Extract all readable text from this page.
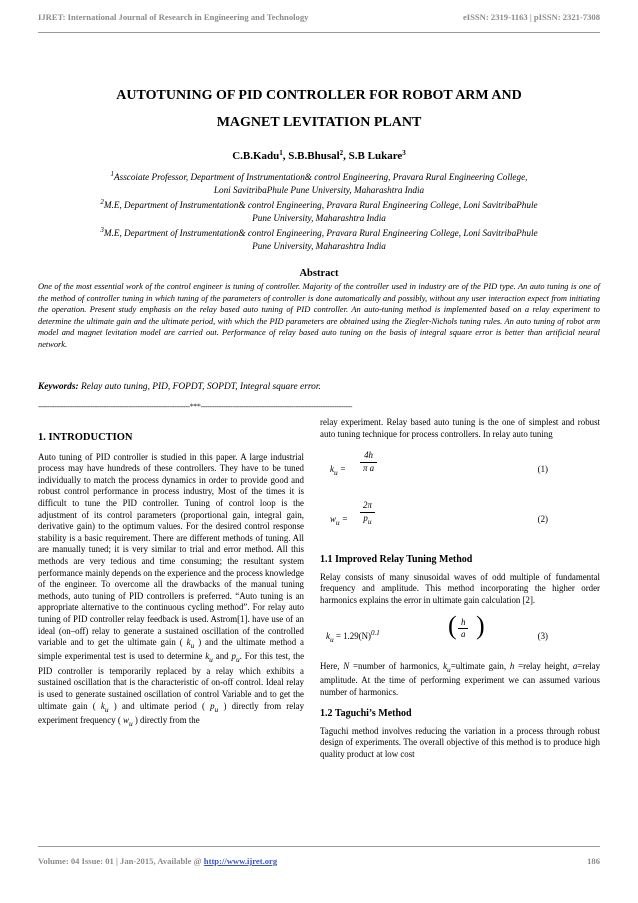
IJRET: International Journal of Research in Engineering and Technology	eISSN: 2319-1163 | pISSN: 2321-7308
AUTOTUNING OF PID CONTROLLER FOR ROBOT ARM AND
MAGNET LEVITATION PLANT
C.B.Kadu$^1$, S.B.Bhusal$^2$, S.B Lukare$^3$
$^1$Asscoiate Professor, Department of Instrumentation& control Engineering, Pravara Rural Engineering College,
Loni SavitribaPhule Pune University, Maharashtra India
$^2$M.E, Department of Instrumentation& control Engineering, Pravara Rural Engineering College, Loni SavitribaPhule
Pune University, Maharashtra India
$^3$M.E, Department of Instrumentation& control Engineering, Pravara Rural Engineering College, Loni SavitribaPhule
Pune University, Maharashtra India
Abstract
One of the most essential work of the control engineer is tuning of controller. Majority of the controller used in industry are of the PID type. An auto tuning is one of the method of controller tuning in which tuning of the parameters of controller is done automatically and possibly, without any user interaction expect from initiating the operation. Present study emphasis on the relay based auto tuning of PID controller. An auto-tuning method is implemented based on a relay experiment to determine the ultimate gain and the ultimate period, with which the PID parameters are obtained using the Ziegler-Nichols tuning rules. An auto tuning of robot arm model and magnet levitation model are carried out. Performance of relay based auto tuning on the basis of integral square error is better than artificial neural network.
Keywords: Relay auto tuning, PID, FOPDT, SOPDT, Integral square error.
-------------------------------------------------------------------***-------------------------------------------------------------------
1. INTRODUCTION

Auto tuning of PID controller is studied in this paper. A large industrial process may have hundreds of these controllers. They have to be tuned individually to match the process dynamics in order to provide good and robust control performance in process industry, Most of the times it is difficult to tune the PID controller. Tuning of control loop is the adjustment of its control parameters (proportional gain, integral gain, derivative gain) to the optimum values. For the desired control response stability is a basic requirement. There are different methods of tuning. All are manually tuned; it is very similar to trial and error method. All this methods are very tedious and time consuming; the resultant system performance mainly depends on the experience and the process knowledge of the engineer. To overcome all the drawbacks of the manual tuning methods, auto tuning of PID controllers is preferred. “Auto tuning is an appropriate alternative to the continuous cycling method”. For relay auto tuning of PID controller relay feedback is used. Astrom[1]. have use of an ideal (on–off) relay to generate a sustained oscillation of the controlled variable and to get the ultimate gain ( $k_u$ ) and the ultimate method a simple experimental test is used to determine $k_u$ and $p_u$. For this test, the PID controller is temporarily replaced by a relay which exhibits a sustained oscillation that is the characteristic of on-off control. Ideal relay is used to generate sustained oscillation of control Variable and to get the ultimate gain ( $k_u$ ) and ultimate period ( $p_u$ ) directly from relay experiment frequency ( $w_u$ ) directly from the

relay experiment. Relay based auto tuning is the one of simplest and robust auto tuning technique for process controllers. In relay auto tuning

$k_u = \frac{4h}{\text{π a}}$	(1)
$w_u = \frac{2\pi}{p_u}$	(2)
1.1 Improved Relay Tuning Method

Relay consists of many sinusoidal waves of odd multiple of fundamental frequency and amplitude. This method incorporating the higher order harmonics explains the error in ultimate gain calculation [2].

$k_u = 1.29(N)^{0.1}$	( $\frac{h}{a}$ )	(3)

Here, N =number of harmonics, $k_u=ultimate$ gain, h =relay height, a=relay amplitude. At the time of performing experiment we can assumed various number of harmonics.

1.2 Taguchi’s Method

Taguchi method involves reducing the variation in a process through robust design of experiments. The overall objective of this method is to produce high quality product at low cost

Volume: 04 Issue: 01 | Jan-2015, Available @ http://www.ijret.org	186
